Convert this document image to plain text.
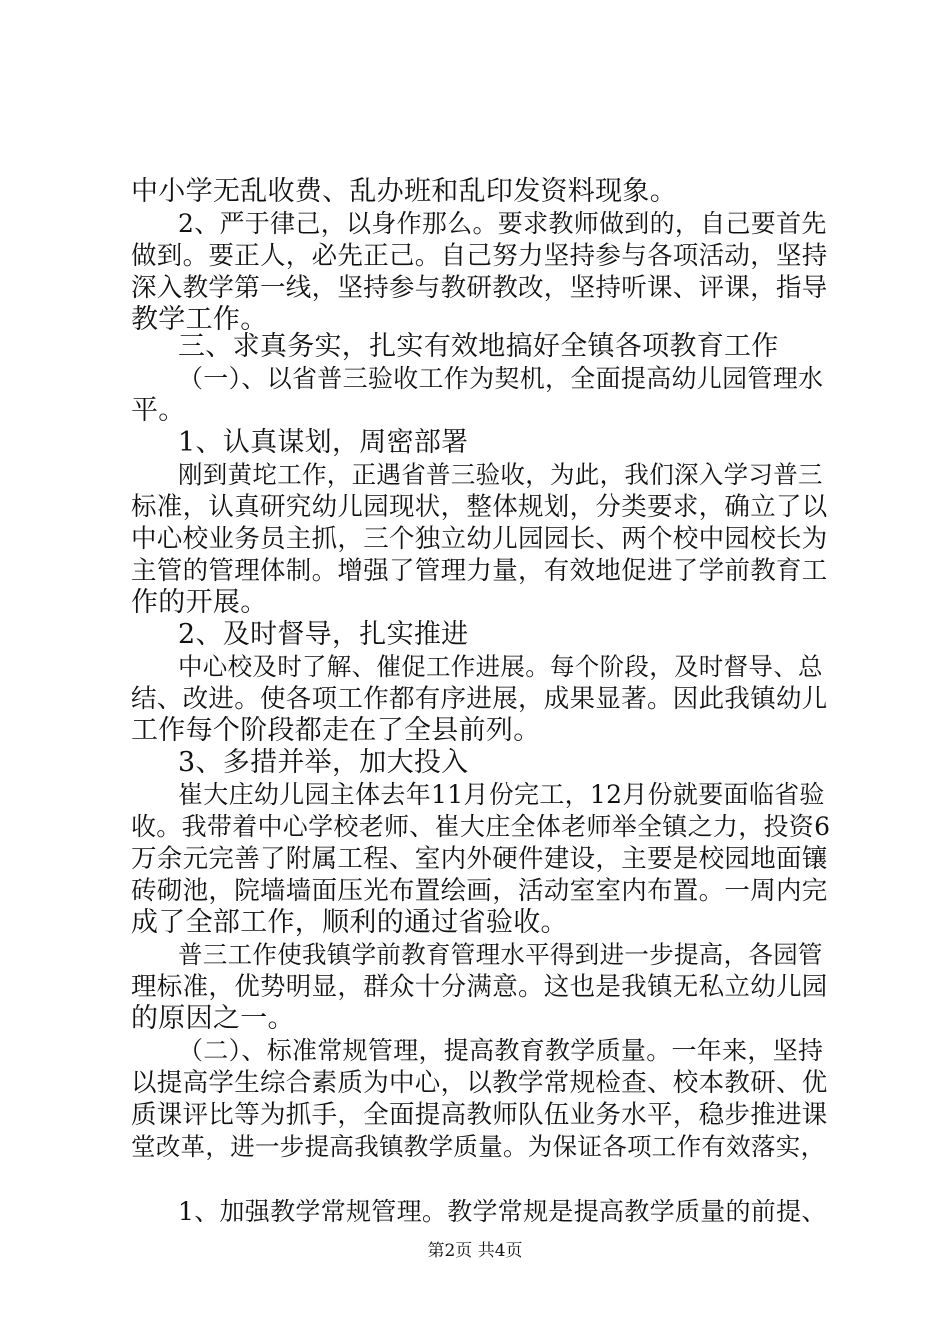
中小学无乱收费、乱办班和乱印发资料现象。
2、严于律己，以身作那么。要求教师做到的，自己要首先
做到。要正人，必先正己。自己努力坚持参与各项活动，坚持
深入教学第一线，坚持参与教研教改，坚持听课、评课，指导
教学工作。
三、求真务实，扎实有效地搞好全镇各项教育工作
（一）、以省普三验收工作为契机，全面提高幼儿园管理水
平。
1、认真谋划，周密部署
刚到黄坨工作，正遇省普三验收，为此，我们深入学习普三
标准，认真研究幼儿园现状，整体规划，分类要求，确立了以
中心校业务员主抓，三个独立幼儿园园长、两个校中园校长为
主管的管理体制。增强了管理力量，有效地促进了学前教育工
作的开展。
2、及时督导，扎实推进
中心校及时了解、催促工作进展。每个阶段，及时督导、总
结、改进。使各项工作都有序进展，成果显著。因此我镇幼儿
工作每个阶段都走在了全县前列。
3、多措并举，加大投入
崔大庄幼儿园主体去年11月份完工，12月份就要面临省验
收。我带着中心学校老师、崔大庄全体老师举全镇之力，投资6
万余元完善了附属工程、室内外硬件建设，主要是校园地面镶
砖砌池，院墙墙面压光布置绘画，活动室室内布置。一周内完
成了全部工作，顺利的通过省验收。
普三工作使我镇学前教育管理水平得到进一步提高，各园管
理标准，优势明显，群众十分满意。这也是我镇无私立幼儿园
的原因之一。
（二）、标准常规管理，提高教育教学质量。一年来，坚持
以提高学生综合素质为中心，以教学常规检查、校本教研、优
质课评比等为抓手，全面提高教师队伍业务水平，稳步推进课
堂改革，进一步提高我镇教学质量。为保证各项工作有效落实，
1、加强教学常规管理。教学常规是提高教学质量的前提、
第2页 共4页
